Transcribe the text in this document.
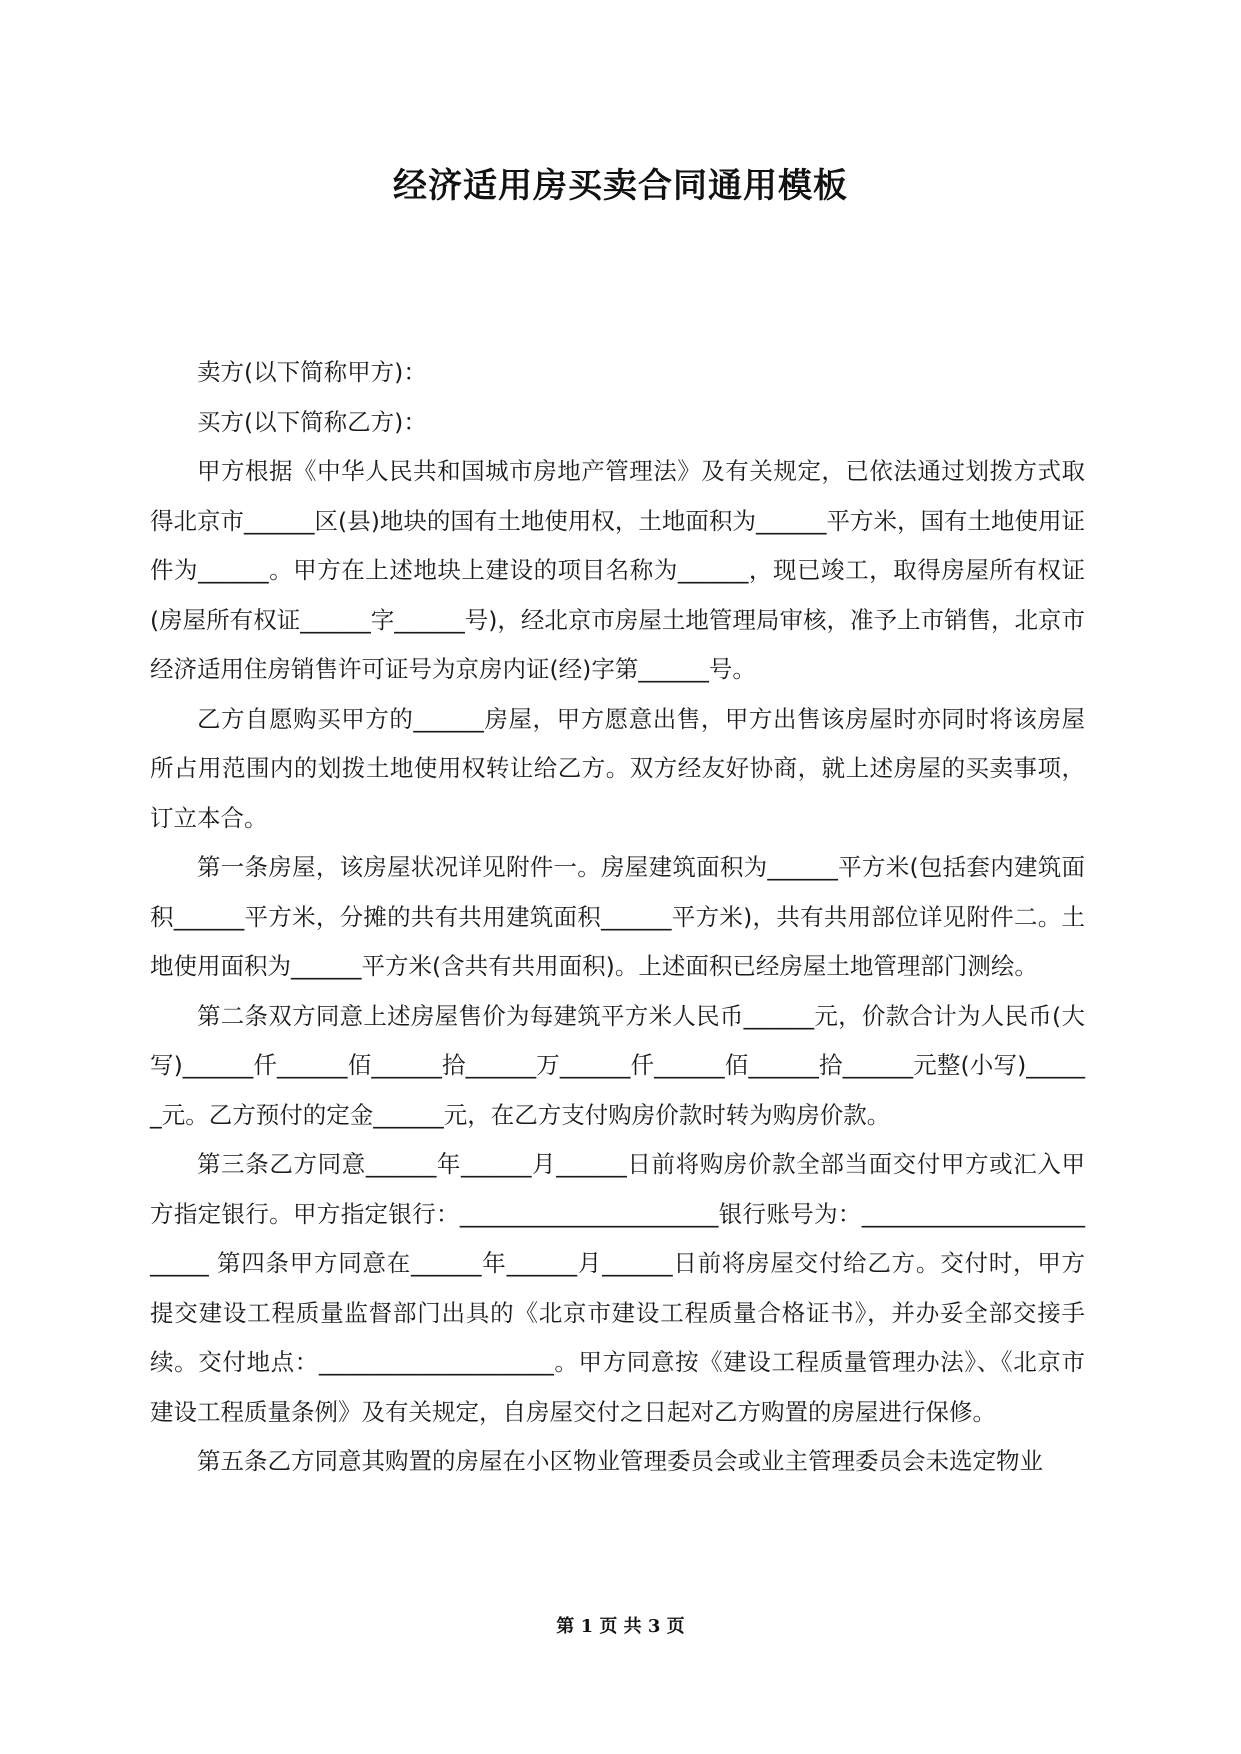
经济适用房买卖合同通用模板

卖方(以下简称甲方)：

买方(以下简称乙方)：

甲方根据《中华人民共和国城市房地产管理法》及有关规定，已依法通过划拨方式取得北京市______区(县)地块的国有土地使用权，土地面积为______平方米，国有土地使用证件为______。甲方在上述地块上建设的项目名称为______，现已竣工，取得房屋所有权证(房屋所有权证______字______号)，经北京市房屋土地管理局审核，准予上市销售，北京市经济适用住房销售许可证号为京房内证(经)字第______号。

乙方自愿购买甲方的______房屋，甲方愿意出售，甲方出售该房屋时亦同时将该房屋所占用范围内的划拨土地使用权转让给乙方。双方经友好协商，就上述房屋的买卖事项，订立本合。

第一条房屋，该房屋状况详见附件一。房屋建筑面积为______平方米(包括套内建筑面积______平方米，分摊的共有共用建筑面积______平方米)，共有共用部位详见附件二。土地使用面积为______平方米(含共有共用面积)。上述面积已经房屋土地管理部门测绘。

第二条双方同意上述房屋售价为每建筑平方米人民币______元，价款合计为人民币(大写)______仟______佰______拾______万______仟______佰______拾______元整(小写)______元。乙方预付的定金______元，在乙方支付购房价款时转为购房价款。

第三条乙方同意______年______月______日前将购房价款全部当面交付甲方或汇入甲方指定银行。甲方指定银行：______________________银行账号为：________________________ 第四条甲方同意在______年______月______日前将房屋交付给乙方。交付时，甲方提交建设工程质量监督部门出具的《北京市建设工程质量合格证书》，并办妥全部交接手续。交付地点：____________________。甲方同意按《建设工程质量管理办法》、《北京市建设工程质量条例》及有关规定，自房屋交付之日起对乙方购置的房屋进行保修。

第五条乙方同意其购置的房屋在小区物业管理委员会或业主管理委员会未选定物业

第 1 页 共 3 页
